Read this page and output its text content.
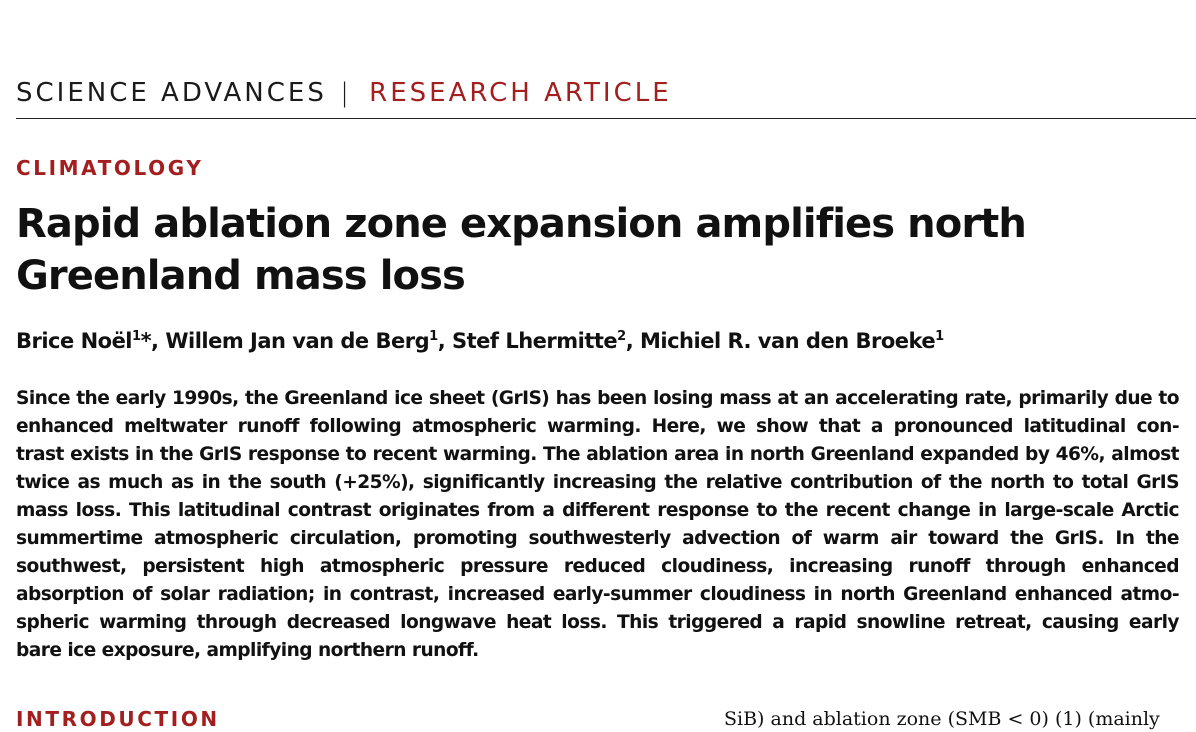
SCIENCE ADVANCES | RESEARCH ARTICLE
CLIMATOLOGY
Rapid ablation zone expansion amplifies north
Greenland mass loss
Brice Noël$^1$*, Willem Jan van de Berg$^1$, Stef Lhermitte$^2$, Michiel R. van den Broeke$^1$
Since the early 1990s, the Greenland ice sheet (GrIS) has been losing mass at an accelerating rate, primarily due to
enhanced meltwater runoff following atmospheric warming. Here, we show that a pronounced latitudinal con-
trast exists in the GrIS response to recent warming. The ablation area in north Greenland expanded by 46%, almost
twice as much as in the south (+25%), significantly increasing the relative contribution of the north to total GrIS
mass loss. This latitudinal contrast originates from a different response to the recent change in large-scale Arctic
summertime atmospheric circulation, promoting southwesterly advection of warm air toward the GrIS. In the
southwest, persistent high atmospheric pressure reduced cloudiness, increasing runoff through enhanced
absorption of solar radiation; in contrast, increased early-summer cloudiness in north Greenland enhanced atmo-
spheric warming through decreased longwave heat loss. This triggered a rapid snowline retreat, causing early
bare ice exposure, amplifying northern runoff.
INTRODUCTION	SiB) and ablation zone (SMB < 0) (1) (mainly
